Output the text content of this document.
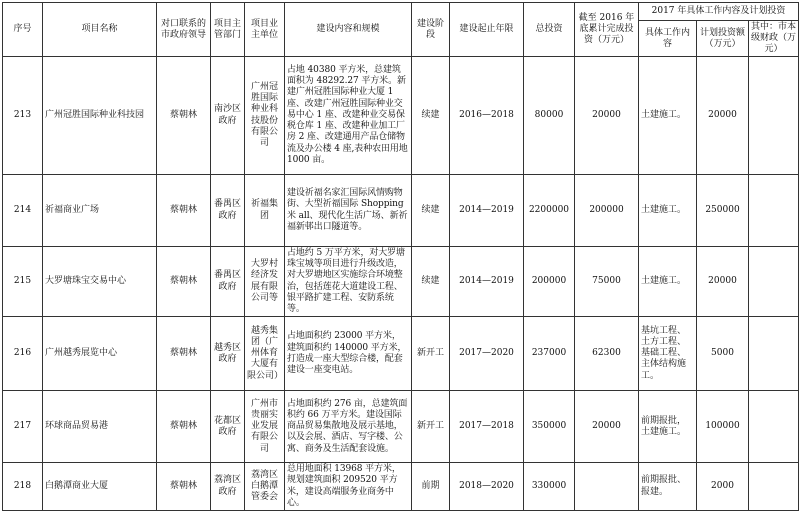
序号	项目名称	对口联系的市政府领导	项目主管部门	项目业主单位	建设内容和规模	建设阶段	建设起止年限	总投资	截至 2016 年底累计完成投资（万元）	2017 年具体工作内容及计划投资		
										具体工作内容	计划投资额（万元）	其中：市本级财政（万元）
213	广州冠胜国际种业科技园	蔡朝林	南沙区政府	广州冠胜国际种业科技股份有限公司	占地 40380 平方米，总建筑面积为 48292.27 平方米。新建广州冠胜国际种业大厦 1 座、改建广州冠胜国际种业交易中心 1 座、改建种业交易保税仓库 1 座、改建种业加工厂房 2 座、改建通用产品仓储物流及办公楼 4 座,表种农田用地 1000 亩。	续建	2016—2018	80000	20000	土建施工。	20000	
214	祈福商业广场	蔡朝林	番禺区政府	祈福集团	建设祈福名家汇国际风情购物街、大型祈福国际 Shopping 米 all、现代化生活广场、新祈福新邨出口隧道等。	续建	2014—2019	2200000	200000	土建施工。	250000	
215	大罗塘珠宝交易中心	蔡朝林	番禺区政府	大罗村经济发展有限公司等	占地约 5 万平方米，对大罗塘珠宝城等项目进行升级改造，对大罗塘地区实施综合环境整治，包括莲花大道建设工程、银平路扩建工程、安防系统等。	续建	2014—2019	200000	75000	土建施工。	20000	
216	广州越秀展览中心	蔡朝林	越秀区政府	越秀集团（广州体育大厦有限公司）	占地面积约 23000 平方米，建筑面积约 140000 平方米，打造成一座大型综合楼，配套建设一座变电站。	新开工	2017—2020	237000	62300	基坑工程、土方工程、基础工程、主体结构施工。	5000	
217	环球商品贸易港	蔡朝林	花都区政府	广州市贵丽实业发展有限公司	占地面积约 276 亩，总建筑面积约 66 万平方米。建设国际商品贸易集散地及展示基地，以及会展、酒店、写字楼、公寓、商务及生活配套设施。	新开工	2017—2018	350000	20000	前期报批，土建施工。	100000	
218	白鹅潭商业大厦	蔡朝林	荔湾区政府	荔湾区白鹅潭管委会	总用地面积 13968 平方米，规划建筑面积 209520 平方米，建设高端服务业商务中心。	前期	2018—2020	330000		前期报批、报建。	2000	
